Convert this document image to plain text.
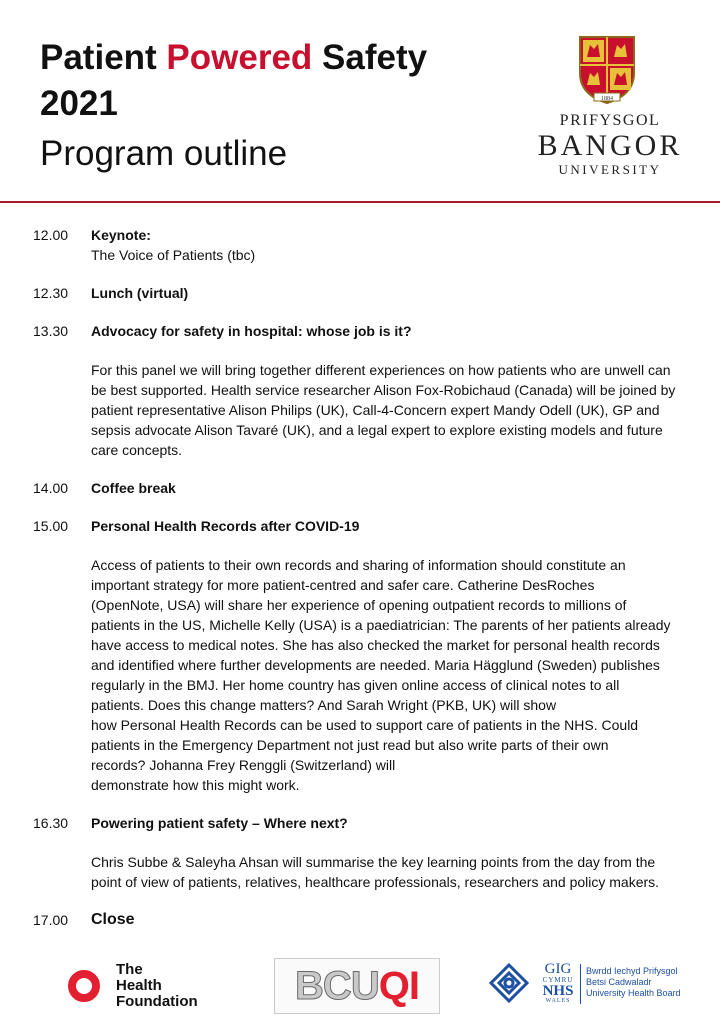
Patient Powered Safety
2021
Program outline
1884
PRIFYSGOL
BANGOR
UNIVERSITY
12.00	Keynote:
The Voice of Patients (tbc)
12.30	Lunch (virtual)
13.30	Advocacy for safety in hospital: whose job is it?
For this panel we will bring together different experiences on how patients who are unwell can
be best supported. Health service researcher Alison Fox-Robichaud (Canada) will be joined by
patient representative Alison Philips (UK), Call-4-Concern expert Mandy Odell (UK), GP and
sepsis advocate Alison Tavaré (UK), and a legal expert to explore existing models and future
care concepts.
14.00	Coffee break
15.00	Personal Health Records after COVID-19
Access of patients to their own records and sharing of information should constitute an
important strategy for more patient-centred and safer care. Catherine DesRoches
(OpenNote, USA) will share her experience of opening outpatient records to millions of
patients in the US, Michelle Kelly (USA) is a paediatrician: The parents of her patients already
have access to medical notes. She has also checked the market for personal health records
and identified where further developments are needed. Maria Hägglund (Sweden) publishes
regularly in the BMJ. Her home country has given online access of clinical notes to all
patients. Does this change matters? And Sarah Wright (PKB, UK) will show
how Personal Health Records can be used to support care of patients in the NHS. Could
patients in the Emergency Department not just read but also write parts of their own
records? Johanna Frey Renggli (Switzerland) will
demonstrate how this might work.
16.30	Powering patient safety – Where next?
Chris Subbe & Saleyha Ahsan will summarise the key learning points from the day from the
point of view of patients, relatives, healthcare professionals, researchers and policy makers.
17.00	Close
The
Health
Foundation	BCUQI	GIG
CYMRU
NHS
WALES
Bwrdd Iechyd Prifysgol
Betsi Cadwaladr
University Health Board
